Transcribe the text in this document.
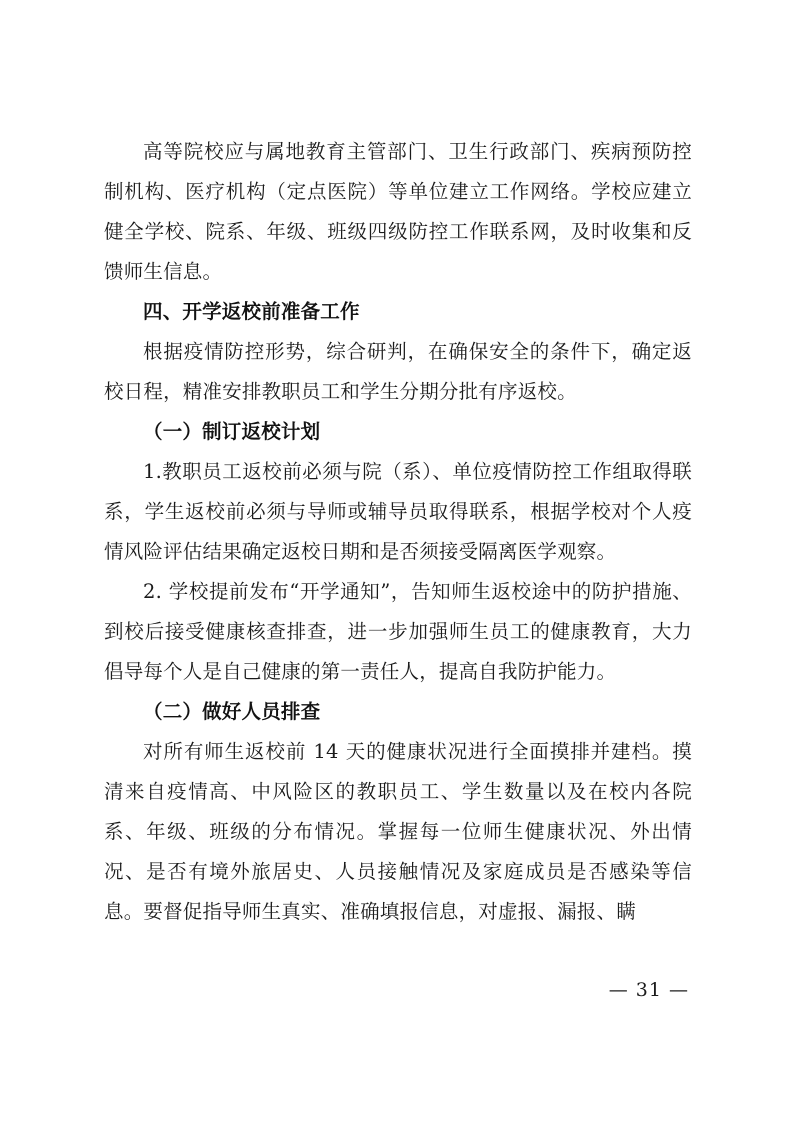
高等院校应与属地教育主管部门、卫生行政部门、疾病预防控制机构、医疗机构（定点医院）等单位建立工作网络。学校应建立健全学校、院系、年级、班级四级防控工作联系网，及时收集和反馈师生信息。

四、开学返校前准备工作

根据疫情防控形势，综合研判，在确保安全的条件下，确定返校日程，精准安排教职员工和学生分期分批有序返校。

（一）制订返校计划

1.教职员工返校前必须与院（系）、单位疫情防控工作组取得联系，学生返校前必须与导师或辅导员取得联系，根据学校对个人疫情风险评估结果确定返校日期和是否须接受隔离医学观察。

2. 学校提前发布“开学通知”，告知师生返校途中的防护措施、到校后接受健康核查排查，进一步加强师生员工的健康教育，大力倡导每个人是自己健康的第一责任人，提高自我防护能力。

（二）做好人员排查

对所有师生返校前 14 天的健康状况进行全面摸排并建档。摸清来自疫情高、中风险区的教职员工、学生数量以及在校内各院系、年级、班级的分布情况。掌握每一位师生健康状况、外出情况、是否有境外旅居史、人员接触情况及家庭成员是否感染等信息。要督促指导师生真实、准确填报信息，对虚报、漏报、瞒

— 31 —
